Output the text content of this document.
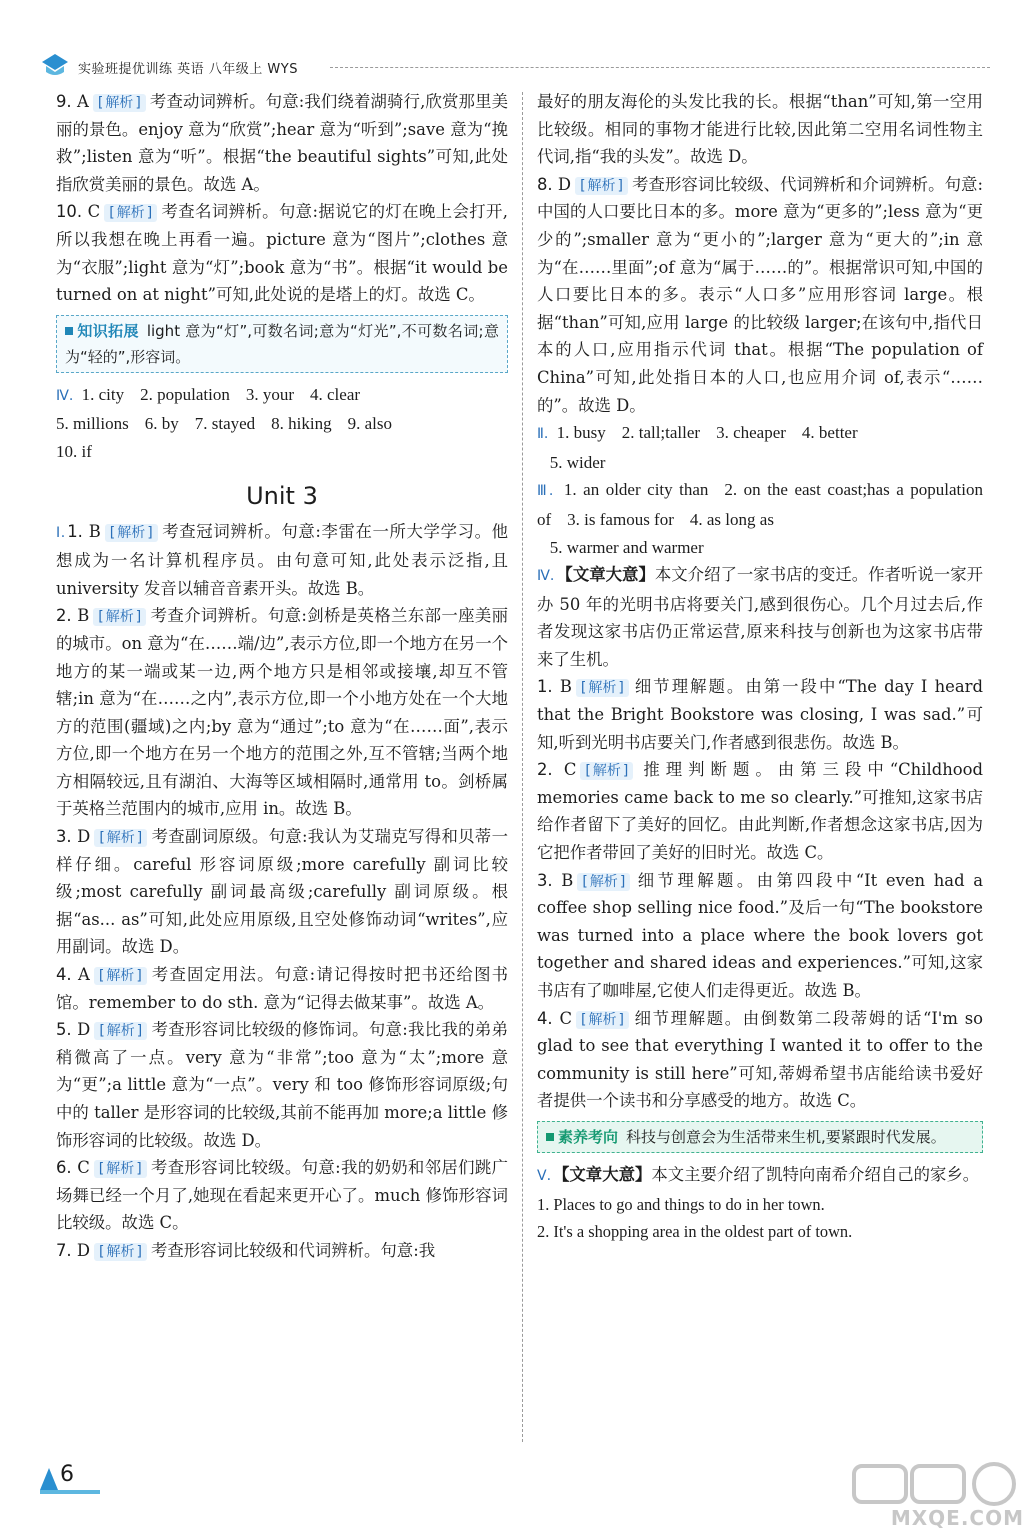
实验班提优训练 英语 八年级上 WYS

9. A [ 解析 ] 考查动词辨析。句意:我们绕着湖骑行,欣赏那里美丽的景色。enjoy 意为“欣赏”;hear 意为“听到”;save 意为“挽救”;listen 意为“听”。根据“the beautiful sights”可知,此处指欣赏美丽的景色。故选 A。

10. C [ 解析 ] 考查名词辨析。句意:据说它的灯在晚上会打开,所以我想在晚上再看一遍。picture 意为“图片”;clothes 意为“衣服”;light 意为“灯”;book 意为“书”。根据“it would be turned on at night”可知,此处说的是塔上的灯。故选 C。

知识拓展 light 意为“灯”,可数名词;意为“灯光”,不可数名词;意为“轻的”,形容词。
Ⅳ. 1. city 2. population 3. your 4. clear
5. millions 6. by 7. stayed 8. hiking 9. also
10. if
Unit 3

Ⅰ. 1. B [ 解析 ] 考查冠词辨析。句意:李雷在一所大学学习。他想成为一名计算机程序员。由句意可知,此处表示泛指,且 university 发音以辅音音素开头。故选 B。

2. B [ 解析 ] 考查介词辨析。句意:剑桥是英格兰东部一座美丽的城市。on 意为“在……端/边”,表示方位,即一个地方在另一个地方的某一端或某一边,两个地方只是相邻或接壤,却互不管辖;in 意为“在……之内”,表示方位,即一个小地方处在一个大地方的范围(疆域)之内;by 意为“通过”;to 意为“在……面”,表示方位,即一个地方在另一个地方的范围之外,互不管辖;当两个地方相隔较远,且有湖泊、大海等区域相隔时,通常用 to。剑桥属于英格兰范围内的城市,应用 in。故选 B。

3. D [ 解析 ] 考查副词原级。句意:我认为艾瑞克写得和贝蒂一样仔细。careful 形容词原级;more carefully 副词比较级;most carefully 副词最高级;carefully 副词原级。根据“as... as”可知,此处应用原级,且空处修饰动词“writes”,应用副词。故选 D。

4. A [ 解析 ] 考查固定用法。句意:请记得按时把书还给图书馆。remember to do sth. 意为“记得去做某事”。故选 A。

5. D [ 解析 ] 考查形容词比较级的修饰词。句意:我比我的弟弟稍微高了一点。very 意为“非常”;too 意为“太”;more 意为“更”;a little 意为“一点”。very 和 too 修饰形容词原级;句中的 taller 是形容词的比较级,其前不能再加 more;a little 修饰形容词的比较级。故选 D。

6. C [ 解析 ] 考查形容词比较级。句意:我的奶奶和邻居们跳广场舞已经一个月了,她现在看起来更开心了。much 修饰形容词比较级。故选 C。

7. D [ 解析 ] 考查形容词比较级和代词辨析。句意:我

最好的朋友海伦的头发比我的长。根据“than”可知,第一空用比较级。相同的事物才能进行比较,因此第二空用名词性物主代词,指“我的头发”。故选 D。

8. D [ 解析 ] 考查形容词比较级、代词辨析和介词辨析。句意:中国的人口要比日本的多。more 意为“更多的”;less 意为“更少的”;smaller 意为“更小的”;larger 意为“更大的”;in 意为“在……里面”;of 意为“属于……的”。根据常识可知,中国的人口要比日本的多。表示“人口多”应用形容词 large。根据“than”可知,应用 large 的比较级 larger;在该句中,指代日本的人口,应用指示代词 that。根据“The population of China”可知,此处指日本的人口,也应用介词 of,表示“……的”。故选 D。

Ⅱ. 1. busy 2. tall;taller 3. cheaper 4. better
5. wider
Ⅲ. 1. an older city than 2. on the east coast;has a population of 3. is famous for 4. as long as
5. warmer and warmer

Ⅳ. 【文章大意】本文介绍了一家书店的变迁。作者听说一家开办 50 年的光明书店将要关门,感到很伤心。几个月过去后,作者发现这家书店仍正常运营,原来科技与创新也为这家书店带来了生机。

1. B [ 解析 ] 细节理解题。由第一段中“The day I heard that the Bright Bookstore was closing, I was sad.”可知,听到光明书店要关门,作者感到很悲伤。故选 B。

2. C [ 解析 ] 推理判断题。由第三段中“Childhood memories came back to me so clearly.”可推知,这家书店给作者留下了美好的回忆。由此判断,作者想念这家书店,因为它把作者带回了美好的旧时光。故选 C。

3. B [ 解析 ] 细节理解题。由第四段中“It even had a coffee shop selling nice food.”及后一句“The bookstore was turned into a place where the book lovers got together and shared ideas and experiences.”可知,这家书店有了咖啡屋,它使人们走得更近。故选 B。

4. C [ 解析 ] 细节理解题。由倒数第二段蒂姆的话“I'm so glad to see that everything I wanted it to offer to the community is still here”可知,蒂姆希望书店能给读书爱好者提供一个读书和分享感受的地方。故选 C。

素养考向 科技与创意会为生活带来生机,要紧跟时代发展。

Ⅴ. 【文章大意】本文主要介绍了凯特向南希介绍自己的家乡。

1. Places to go and things to do in her town.

2. It's a shopping area in the oldest part of town.

6
MXQE.COM
